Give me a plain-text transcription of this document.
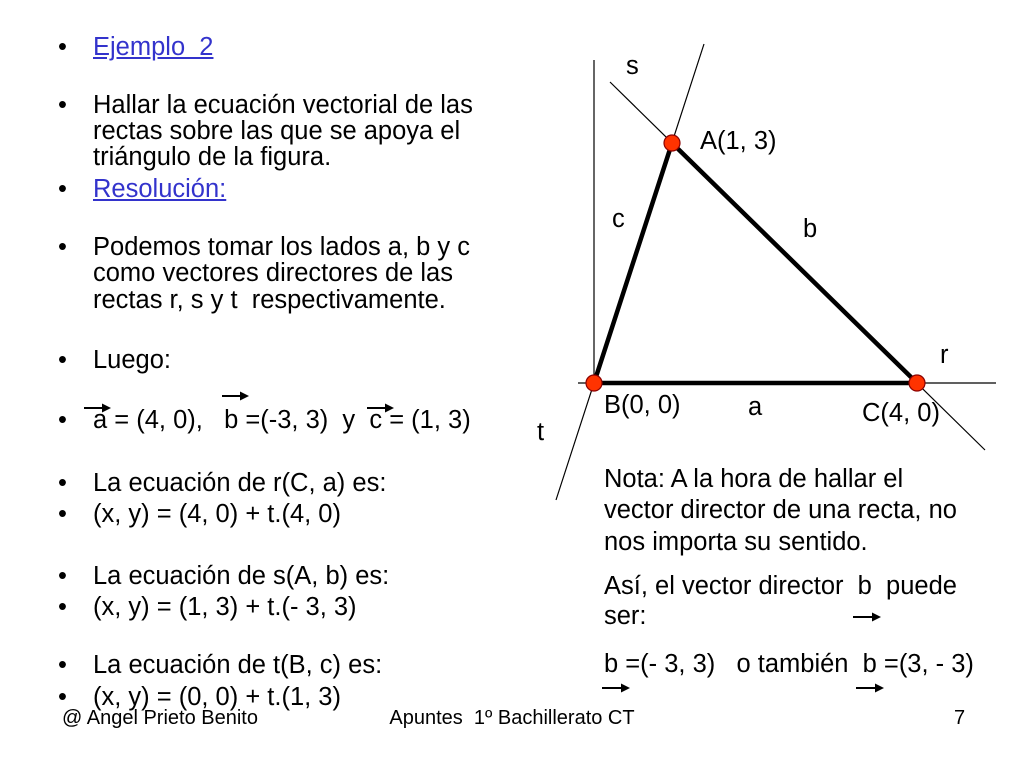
• Ejemplo  2
• Hallar la ecuación vectorial de las
rectas sobre las que se apoya el
triángulo de la figura.
• Resolución:
• Podemos tomar los lados a, b y c
como vectores directores de las
rectas r, s y t  respectivamente.
• Luego:
• a = (4, 0),   b =(-3, 3)  y  c = (1, 3)
• La ecuación de r(C, a) es:
• (x, y) = (4, 0) + t.(4, 0)
• La ecuación de s(A, b) es:
• (x, y) = (1, 3) + t.(- 3, 3)
• La ecuación de t(B, c) es:
• (x, y) = (0, 0) + t.(1, 3)
s
A(1, 3)
c	b
r
B(0, 0)	a	C(4, 0)
t
Nota: A la hora de hallar el
vector director de una recta, no
nos importa su sentido.
Así, el vector director  b  puede
ser:
b =(- 3, 3)   o también  b =(3, - 3)
@ Angel Prieto Benito	Apuntes  1º Bachillerato CT	7
